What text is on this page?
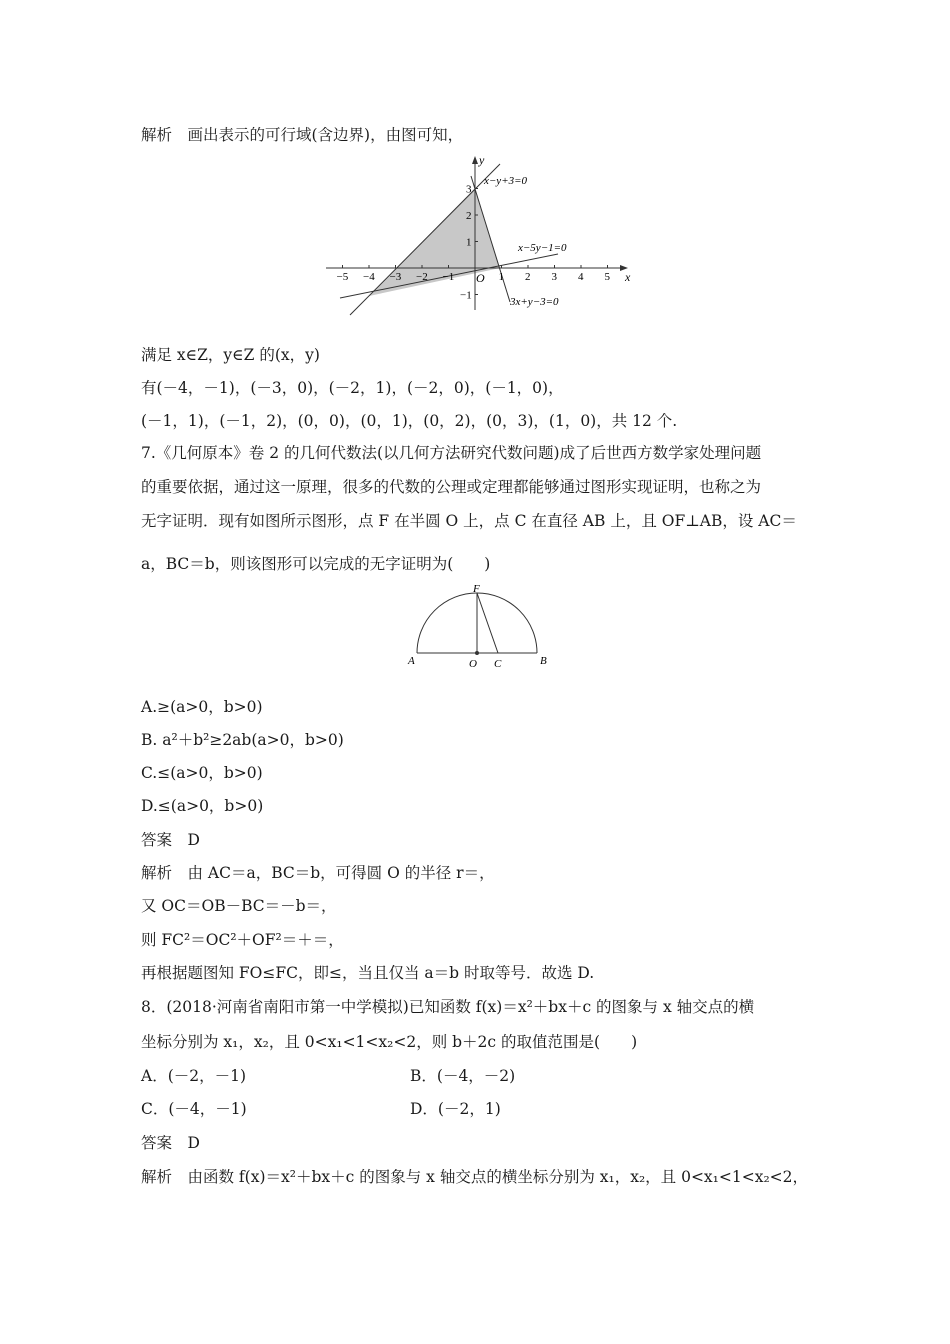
解析　画出表示的可行域(含边界)，由图可知，
−5 −4 −3 −2 −1	1 2 3 4 5
3
2
1
−1
O	x
y
x−y+3=0
x−5y−1=0
3x+y−3=0
满足 x∈Z，y∈Z 的(x，y)
有(－4，－1)，(－3，0)，(－2，1)，(－2，0)，(－1，0)，
(－1，1)，(－1，2)，(0，0)，(0，1)，(0，2)，(0，3)，(1，0)，共 12 个.
7.《几何原本》卷 2 的几何代数法(以几何方法研究代数问题)成了后世西方数学家处理问题
的重要依据，通过这一原理，很多的代数的公理或定理都能够通过图形实现证明，也称之为
无字证明．现有如图所示图形，点 F 在半圆 O 上，点 C 在直径 AB 上，且 OF⊥AB，设 AC＝
a，BC＝b，则该图形可以完成的无字证明为(　　)
A	O C	B
F
A.≥(a>0，b>0)
B. a²＋b²≥2ab(a>0，b>0)
C.≤(a>0，b>0)
D.≤(a>0，b>0)
答案　D
解析　由 AC＝a，BC＝b，可得圆 O 的半径 r＝，
又 OC＝OB－BC＝－b＝，
则 FC²＝OC²＋OF²＝＋＝，
再根据题图知 FO≤FC，即≤，当且仅当 a＝b 时取等号．故选 D.
8．(2018·河南省南阳市第一中学模拟)已知函数 f(x)＝x²＋bx＋c 的图象与 x 轴交点的横
坐标分别为 x₁，x₂，且 0<x₁<1<x₂<2，则 b＋2c 的取值范围是(　　)
A．(－2，－1)	B．(－4，－2)
C．(－4，－1)	D．(－2，1)
答案　D
解析　由函数 f(x)＝x²＋bx＋c 的图象与 x 轴交点的横坐标分别为 x₁，x₂，且 0<x₁<1<x₂<2，
